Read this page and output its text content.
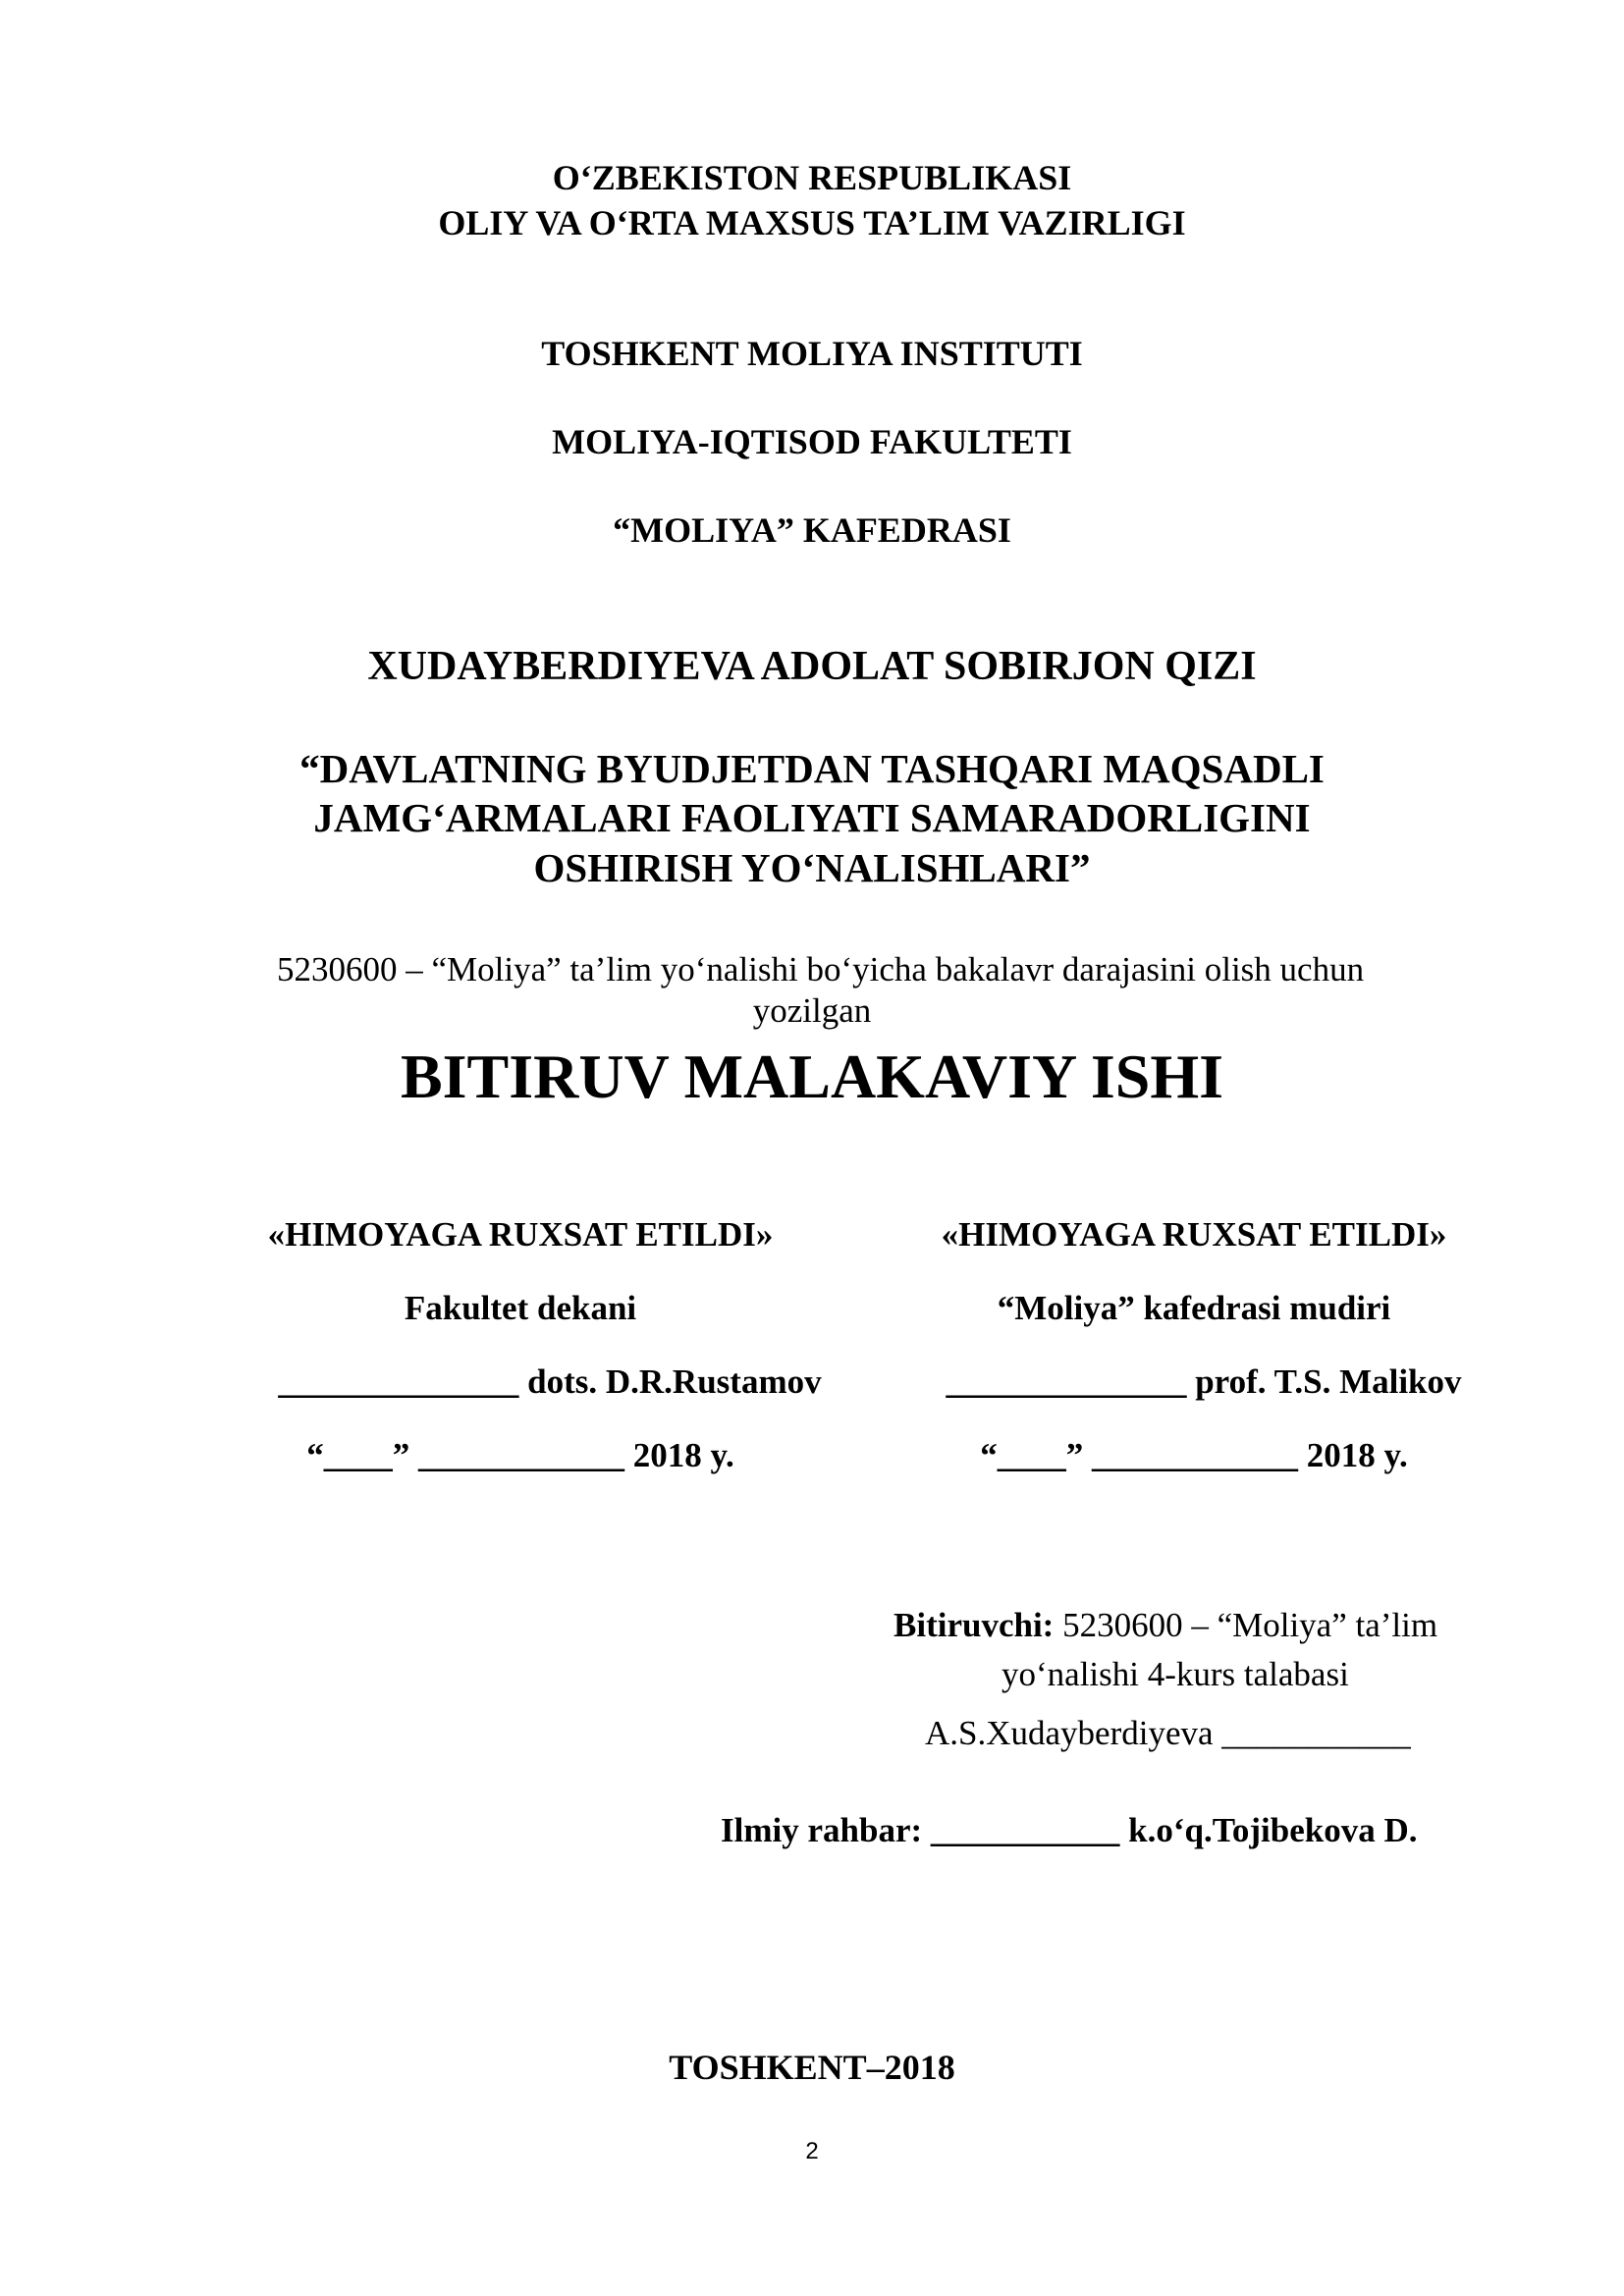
O‘ZBEKISTON RESPUBLIKASI
OLIY VA O‘RTA MAXSUS TA’LIM VAZIRLIGI
TOSHKENT MOLIYA INSTITUTI
MOLIYA-IQTISOD FAKULTETI
“MOLIYA” KAFEDRASI
XUDAYBERDIYEVA ADOLAT SOBIRJON QIZI
“DAVLATNING BYUDJETDAN TASHQARI MAQSADLI
JAMG‘ARMALARI FAOLIYATI SAMARADORLIGINI
OSHIRISH YO‘NALISHLARI”
5230600 – “Moliya” ta’lim yo‘nalishi bo‘yicha bakalavr darajasini olish uchun
yozilgan
BITIRUV MALAKAVIY ISHI
«HIMOYAGA RUXSAT ETILDI»
Fakultet dekani
______________ dots. D.R.Rustamov
“____” ____________ 2018 y.
«HIMOYAGA RUXSAT ETILDI»
“Moliya” kafedrasi mudiri
______________ prof. T.S. Malikov
“____” ____________ 2018 y.
Bitiruvchi: 5230600 – “Moliya” ta’lim
yo‘nalishi 4-kurs talabasi
A.S.Xudayberdiyeva ___________
Ilmiy rahbar: ___________ k.o‘q.Tojibekova D.
TOSHKENT–2018
2
